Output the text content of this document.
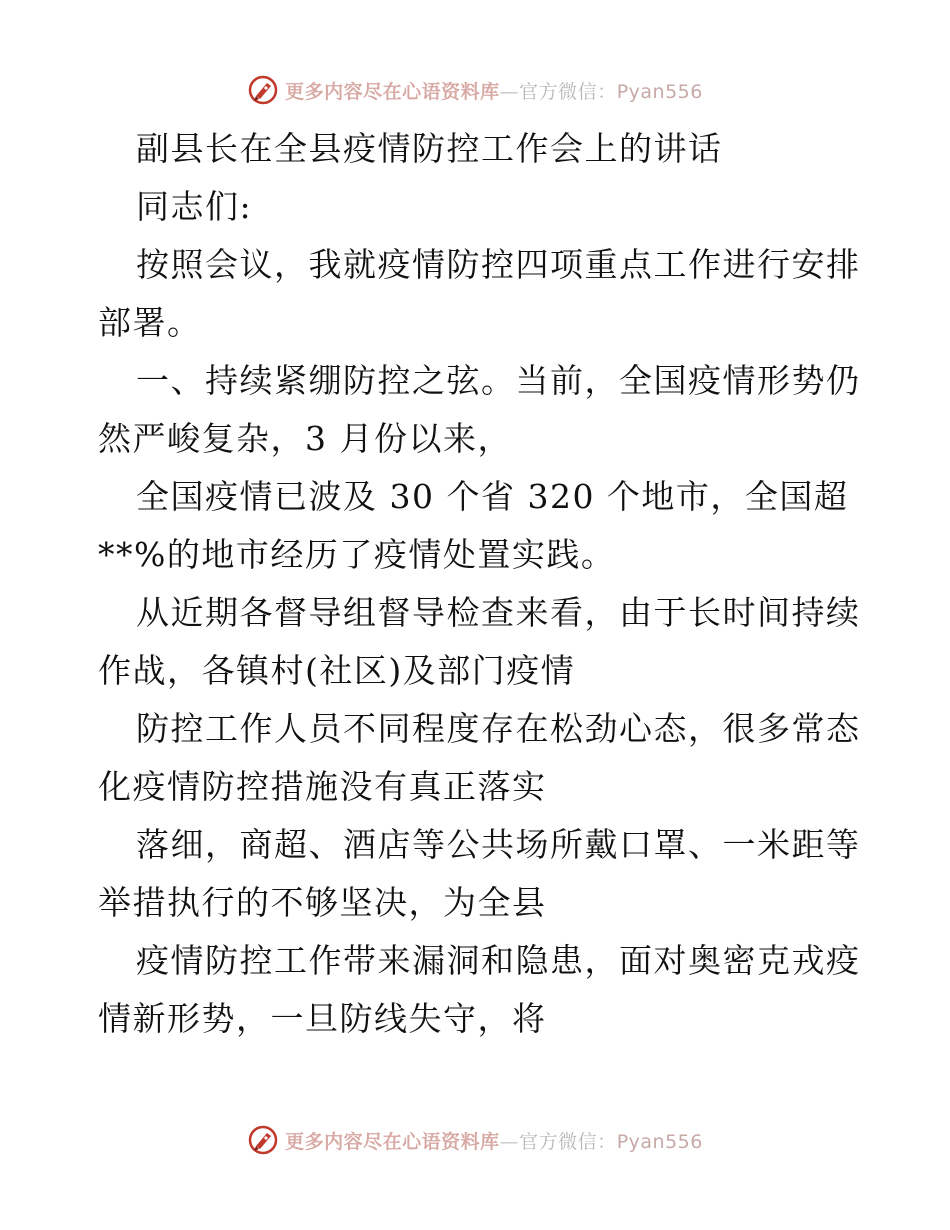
更多内容尽在心语资料库—官方微信：Pyan556
副县长在全县疫情防控工作会上的讲话
同志们:
按照会议，我就疫情防控四项重点工作进行安排
部署。
一、持续紧绷防控之弦。当前，全国疫情形势仍
然严峻复杂，3 月份以来，
全国疫情已波及 30 个省 320 个地市，全国超
**%的地市经历了疫情处置实践。
从近期各督导组督导检查来看，由于长时间持续
作战，各镇村(社区)及部门疫情
防控工作人员不同程度存在松劲心态，很多常态
化疫情防控措施没有真正落实
落细，商超、酒店等公共场所戴口罩、一米距等
举措执行的不够坚决，为全县
疫情防控工作带来漏洞和隐患，面对奥密克戎疫
情新形势，一旦防线失守，将
更多内容尽在心语资料库—官方微信：Pyan556
